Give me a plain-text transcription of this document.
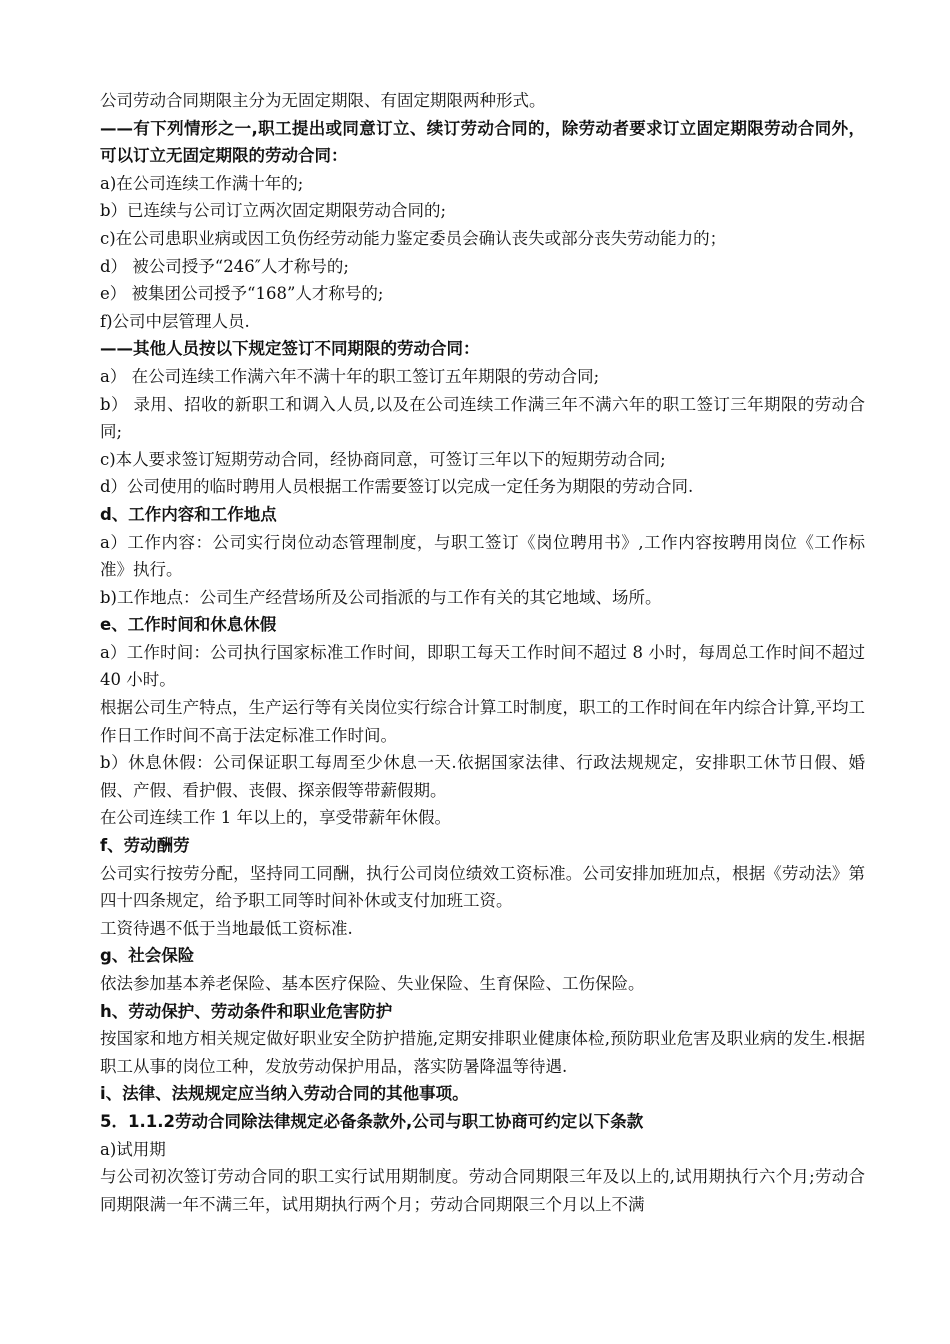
公司劳动合同期限主分为无固定期限、有固定期限两种形式。

——有下列情形之一,职工提出或同意订立、续订劳动合同的，除劳动者要求订立固定期限劳动合同外，可以订立无固定期限的劳动合同：

a)在公司连续工作满十年的;

b）已连续与公司订立两次固定期限劳动合同的;

c)在公司患职业病或因工负伤经劳动能力鉴定委员会确认丧失或部分丧失劳动能力的；

d） 被公司授予“246″人才称号的;

e） 被集团公司授予“168”人才称号的;

f)公司中层管理人员.

——其他人员按以下规定签订不同期限的劳动合同：

a） 在公司连续工作满六年不满十年的职工签订五年期限的劳动合同;

b） 录用、招收的新职工和调入人员,以及在公司连续工作满三年不满六年的职工签订三年期限的劳动合同;

c)本人要求签订短期劳动合同，经协商同意，可签订三年以下的短期劳动合同;

d）公司使用的临时聘用人员根据工作需要签订以完成一定任务为期限的劳动合同.

d、工作内容和工作地点

a）工作内容：公司实行岗位动态管理制度，与职工签订《岗位聘用书》,工作内容按聘用岗位《工作标准》执行。

b)工作地点：公司生产经营场所及公司指派的与工作有关的其它地域、场所。

e、工作时间和休息休假

a）工作时间：公司执行国家标准工作时间，即职工每天工作时间不超过 8 小时，每周总工作时间不超过 40 小时。

根据公司生产特点，生产运行等有关岗位实行综合计算工时制度，职工的工作时间在年内综合计算,平均工作日工作时间不高于法定标准工作时间。

b）休息休假：公司保证职工每周至少休息一天.依据国家法律、行政法规规定，安排职工休节日假、婚假、产假、看护假、丧假、探亲假等带薪假期。

在公司连续工作 1 年以上的，享受带薪年休假。

f、劳动酬劳

公司实行按劳分配，坚持同工同酬，执行公司岗位绩效工资标准。公司安排加班加点，根据《劳动法》第四十四条规定，给予职工同等时间补休或支付加班工资。

工资待遇不低于当地最低工资标准.

g、社会保险

依法参加基本养老保险、基本医疗保险、失业保险、生育保险、工伤保险。

h、劳动保护、劳动条件和职业危害防护

按国家和地方相关规定做好职业安全防护措施,定期安排职业健康体检,预防职业危害及职业病的发生.根据职工从事的岗位工种，发放劳动保护用品，落实防暑降温等待遇.

i、法律、法规规定应当纳入劳动合同的其他事项。

5．1.1.2劳动合同除法律规定必备条款外,公司与职工协商可约定以下条款

a)试用期

与公司初次签订劳动合同的职工实行试用期制度。劳动合同期限三年及以上的,试用期执行六个月;劳动合同期限满一年不满三年，试用期执行两个月；劳动合同期限三个月以上不满
